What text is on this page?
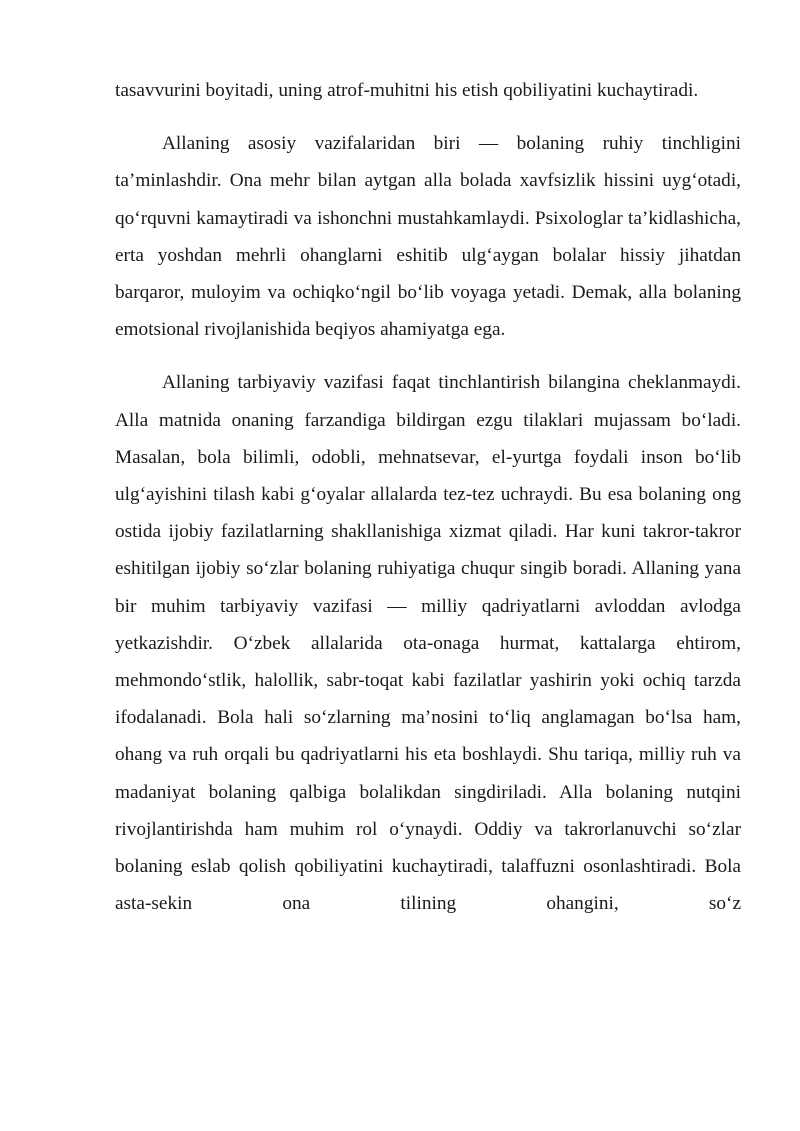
tasavvurini boyitadi, uning atrof-muhitni his etish qobiliyatini kuchaytiradi.

Allaning asosiy vazifalaridan biri — bolaning ruhiy tinchligini ta’minlashdir. Ona mehr bilan aytgan alla bolada xavfsizlik hissini uyg‘otadi, qo‘rquvni kamaytiradi va ishonchni mustahkamlaydi. Psixologlar ta’kidlashicha, erta yoshdan mehrli ohanglarni eshitib ulg‘aygan bolalar hissiy jihatdan barqaror, muloyim va ochiqko‘ngil bo‘lib voyaga yetadi. Demak, alla bolaning emotsional rivojlanishida beqiyos ahamiyatga ega.

Allaning tarbiyaviy vazifasi faqat tinchlantirish bilangina cheklanmaydi. Alla matnida onaning farzandiga bildirgan ezgu tilaklari mujassam bo‘ladi. Masalan, bola bilimli, odobli, mehnatsevar, el-yurtga foydali inson bo‘lib ulg‘ayishini tilash kabi g‘oyalar allalarda tez-tez uchraydi. Bu esa bolaning ong ostida ijobiy fazilatlarning shakllanishiga xizmat qiladi. Har kuni takror-takror eshitilgan ijobiy so‘zlar bolaning ruhiyatiga chuqur singib boradi. Allaning yana bir muhim tarbiyaviy vazifasi — milliy qadriyatlarni avloddan avlodga yetkazishdir. O‘zbek allalarida ota-onaga hurmat, kattalarga ehtirom, mehmondo‘stlik, halollik, sabr-toqat kabi fazilatlar yashirin yoki ochiq tarzda ifodalanadi. Bola hali so‘zlarning ma’nosini to‘liq anglamagan bo‘lsa ham, ohang va ruh orqali bu qadriyatlarni his eta boshlaydi. Shu tariqa, milliy ruh va madaniyat bolaning qalbiga bolalikdan singdiriladi. Alla bolaning nutqini rivojlantirishda ham muhim rol o‘ynaydi. Oddiy va takrorlanuvchi so‘zlar bolaning eslab qolish qobiliyatini kuchaytiradi, talaffuzni osonlashtiradi. Bola asta-sekin ona tilining ohangini, so‘z
